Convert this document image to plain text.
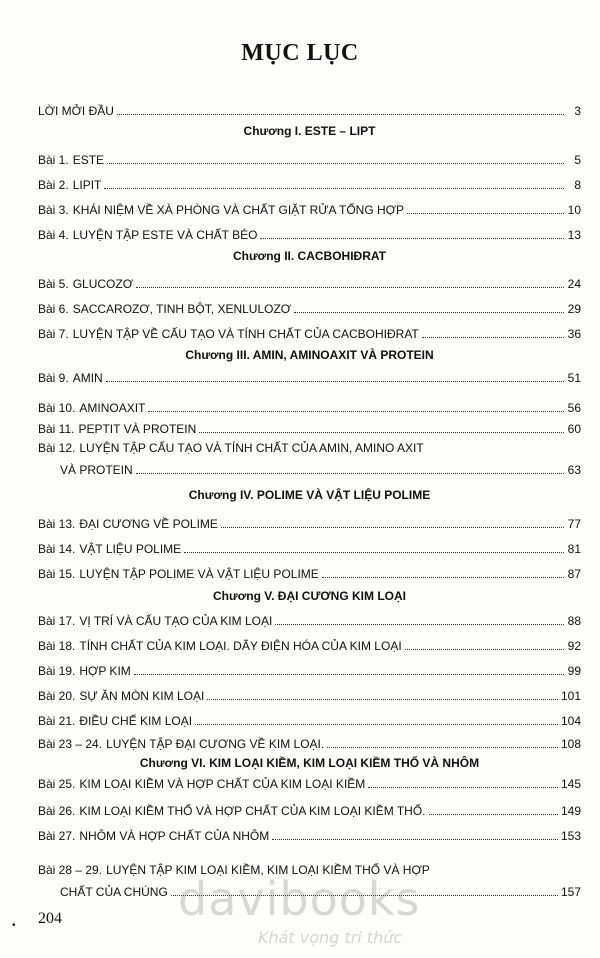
MỤC LỤC
LỜI MỞI ĐẦU	3
Chương I. ESTE – LIPT
Bài 1. ESTE	5
Bài 2. LIPIT	8
Bài 3. KHÁI NIỆM VỀ XÀ PHÒNG VÀ CHẤT GIẶT RỬA TỔNG HỢP	10
Bài 4. LUYỆN TẬP ESTE VÀ CHẤT BÉO	13
Chương II. CACBOHIĐRAT
Bài 5. GLUCOZƠ	24
Bài 6. SACCAROZƠ, TINH BỘT, XENLULOZƠ	29
Bài 7. LUYỆN TẬP VỀ CẤU TẠO VÀ TÍNH CHẤT CỦA CACBOHIĐRAT	36
Chương III. AMIN, AMINOAXIT VÀ PROTEIN
Bài 9. AMIN	51
Bài 10. AMINOAXIT	56
Bài 11. PEPTIT VÀ PROTEIN	60
Bài 12. LUYỆN TẬP CẤU TẠO VÀ TÍNH CHẤT CỦA AMIN, AMINO AXIT
VÀ PROTEIN	63
Chương IV. POLIME VÀ VẬT LIỆU POLIME
Bài 13. ĐẠI CƯƠNG VỀ POLIME	77
Bài 14. VẬT LIỆU POLIME	81
Bài 15. LUYỆN TẬP POLIME VÀ VẬT LIỆU POLIME	87
Chương V. ĐẠI CƯƠNG KIM LOẠI
Bài 17. VỊ TRÍ VÀ CẤU TẠO CỦA KIM LOẠI	88
Bài 18. TÍNH CHẤT CỦA KIM LOẠI. DÃY ĐIỆN HÓA CỦA KIM LOẠI	92
Bài 19. HỢP KIM	99
Bài 20. SỰ ĂN MÒN KIM LOẠI	101
Bài 21. ĐIỀU CHẾ KIM LOẠI	104
Bài 23 – 24. LUYỆN TẬP ĐẠI CƯƠNG VỀ KIM LOẠI.	108
Chương VI. KIM LOẠI KIỀM, KIM LOẠI KIỀM THỔ VÀ NHÔM
Bài 25. KIM LOẠI KIỀM VÀ HỢP CHẤT CỦA KIM LOẠI KIỀM	145
Bài 26. KIM LOẠI KIỀM THỔ VÀ HỢP CHẤT CỦA KIM LOẠI KIỀM THỔ.	149
Bài 27. NHÔM VÀ HỢP CHẤT CỦA NHÔM	153
Bài 28 – 29. LUYỆN TẬP KIM LOẠI KIỀM, KIM LOẠI KIỀM THỔ VÀ HỢP
CHẤT CỦA CHÚNG	157
• 204	davibooks

Khát vọng tri thức
